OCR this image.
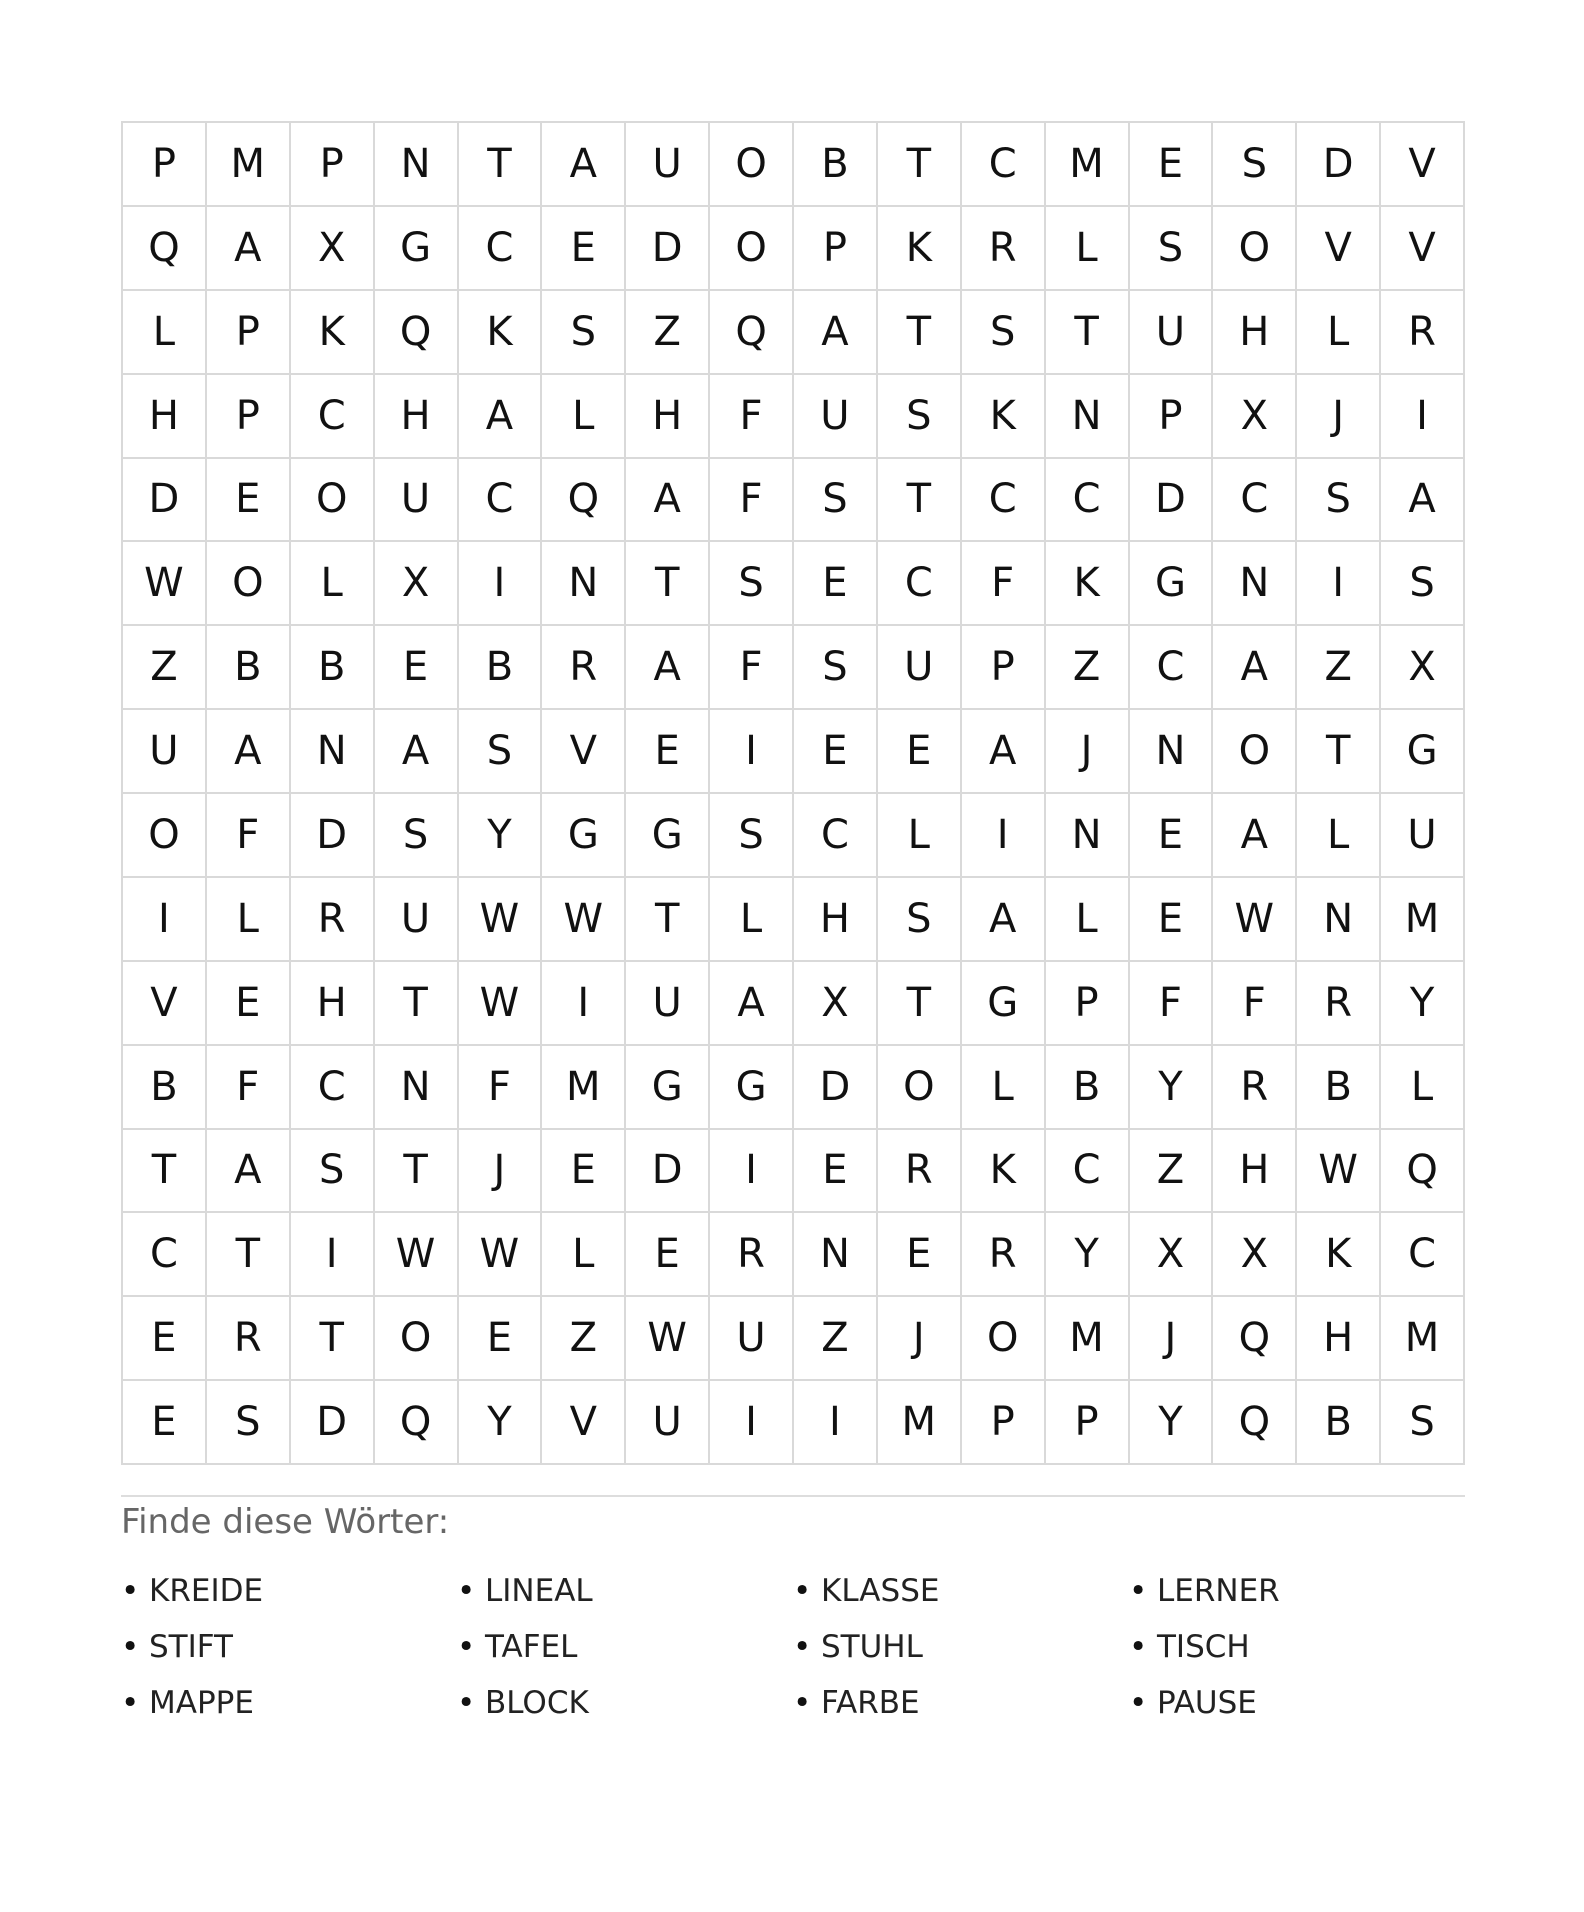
P	M	P	N	T	A	U	O	B	T	C	M	E	S	D	V
Q	A	X	G	C	E	D	O	P	K	R	L	S	O	V	V
L	P	K	Q	K	S	Z	Q	A	T	S	T	U	H	L	R
H	P	C	H	A	L	H	F	U	S	K	N	P	X	J	I
D	E	O	U	C	Q	A	F	S	T	C	C	D	C	S	A
W	O	L	X	I	N	T	S	E	C	F	K	G	N	I	S
Z	B	B	E	B	R	A	F	S	U	P	Z	C	A	Z	X
U	A	N	A	S	V	E	I	E	E	A	J	N	O	T	G
O	F	D	S	Y	G	G	S	C	L	I	N	E	A	L	U
I	L	R	U	W	W	T	L	H	S	A	L	E	W	N	M
V	E	H	T	W	I	U	A	X	T	G	P	F	F	R	Y
B	F	C	N	F	M	G	G	D	O	L	B	Y	R	B	L
T	A	S	T	J	E	D	I	E	R	K	C	Z	H	W	Q
C	T	I	W	W	L	E	R	N	E	R	Y	X	X	K	C
E	R	T	O	E	Z	W	U	Z	J	O	M	J	Q	H	M
E	S	D	Q	Y	V	U	I	I	M	P	P	Y	Q	B	S
Finde diese Wörter:
• KREIDE	• LINEAL	• KLASSE	• LERNER
• STIFT	• TAFEL	• STUHL	• TISCH
• MAPPE	• BLOCK	• FARBE	• PAUSE
